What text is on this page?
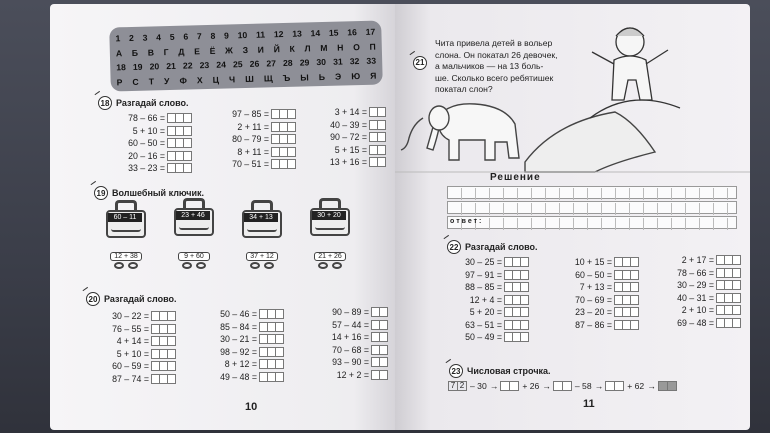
1 2 3 4 5 6 7 8 9 10 11 12 13 14 15 16 17
А Б В Г Д Е Ё Ж З И Й К Л М Н О П
18 19 20 21 22 23 24 25 26 27 28 29 30 31 32 33
Р С Т У Ф Х Ц Ч Ш Щ Ъ Ы Ь Э Ю Я
18 Разгадай слово.
78 – 66 =
5 + 10 =
60 – 50 =
20 – 16 =
33 – 23 =
97 – 85 =
2 + 11 =
80 – 79 =
8 + 11 =
70 – 51 =
3 + 14 =
40 – 39 =
90 – 72 =
5 + 15 =
13 + 16 =
19 Волшебный ключик.
60 – 11	23 + 46	34 + 13	30 + 20
12 + 38	9 + 60	37 + 12	21 + 26
20 Разгадай слово.
30 – 22 =
76 – 55 =
4 + 14 =
5 + 10 =
60 – 59 =
87 – 74 =
50 – 46 =
85 – 84 =
30 – 21 =
98 – 92 =
8 + 12 =
49 – 48 =
90 – 89 =
57 – 44 =
14 + 16 =
70 – 68 =
93 – 90 =
12 + 2 =
10
21
Чита привела детей в вольер
слона. Он покатал 26 девочек,
а мальчиков — на 13 боль-
ше. Сколько всего ребятишек
покатал слон?
Решение
о т в е т :
22 Разгадай слово.
30 – 25 =
97 – 91 =
88 – 85 =
12 + 4 =
5 + 20 =
63 – 51 =
50 – 49 =
10 + 15 =
60 – 50 =
7 + 13 =
70 – 69 =
23 – 20 =
87 – 86 =
2 + 17 =
78 – 66 =
30 – 29 =
40 – 31 =
2 + 10 =
69 – 48 =
23 Числовая строчка.
7 2 – 30 →	+ 26 →	– 58 →	+ 62 →
11
